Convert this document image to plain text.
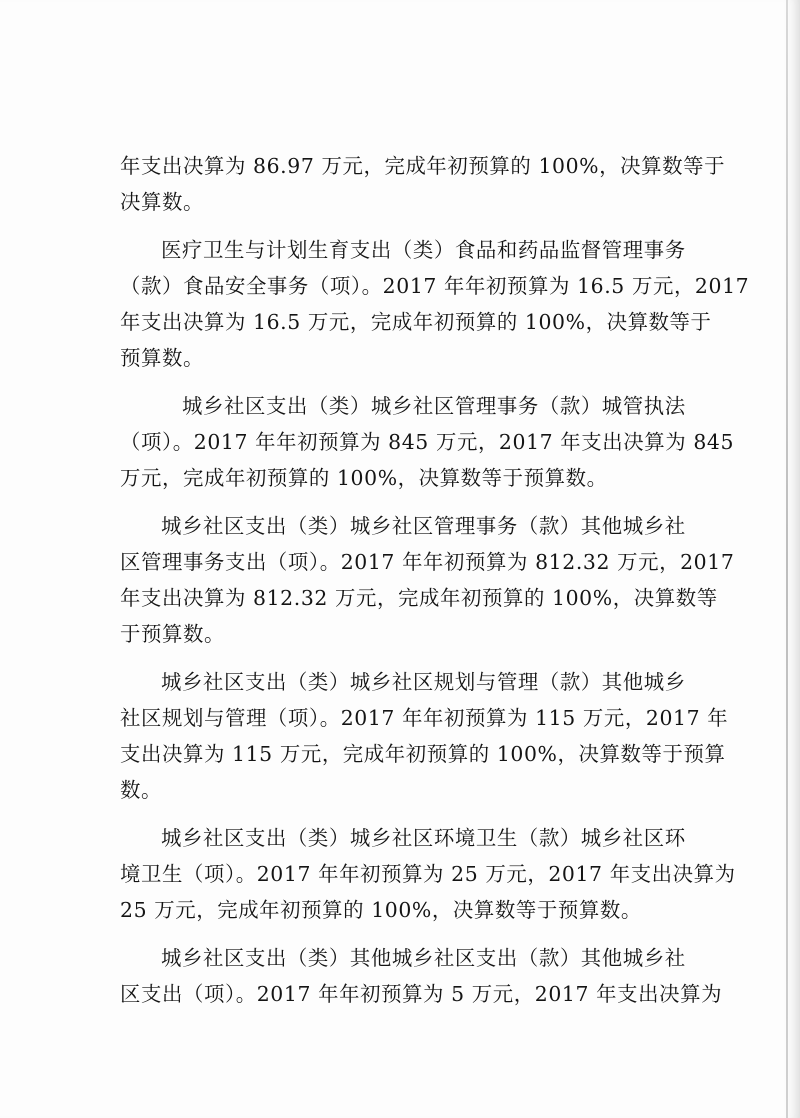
年支出决算为 86.97 万元，完成年初预算的 100%，决算数等于
决算数。

医疗卫生与计划生育支出（类）食品和药品监督管理事务
（款）食品安全事务（项）。2017 年年初预算为 16.5 万元，2017
年支出决算为 16.5 万元，完成年初预算的 100%，决算数等于
预算数。

城乡社区支出（类）城乡社区管理事务（款）城管执法
（项）。2017 年年初预算为 845 万元，2017 年支出决算为 845
万元，完成年初预算的 100%，决算数等于预算数。

城乡社区支出（类）城乡社区管理事务（款）其他城乡社
区管理事务支出（项）。2017 年年初预算为 812.32 万元，2017
年支出决算为 812.32 万元，完成年初预算的 100%，决算数等
于预算数。

城乡社区支出（类）城乡社区规划与管理（款）其他城乡
社区规划与管理（项）。2017 年年初预算为 115 万元，2017 年
支出决算为 115 万元，完成年初预算的 100%，决算数等于预算
数。

城乡社区支出（类）城乡社区环境卫生（款）城乡社区环
境卫生（项）。2017 年年初预算为 25 万元，2017 年支出决算为
25 万元，完成年初预算的 100%，决算数等于预算数。

城乡社区支出（类）其他城乡社区支出（款）其他城乡社
区支出（项）。2017 年年初预算为 5 万元，2017 年支出决算为
